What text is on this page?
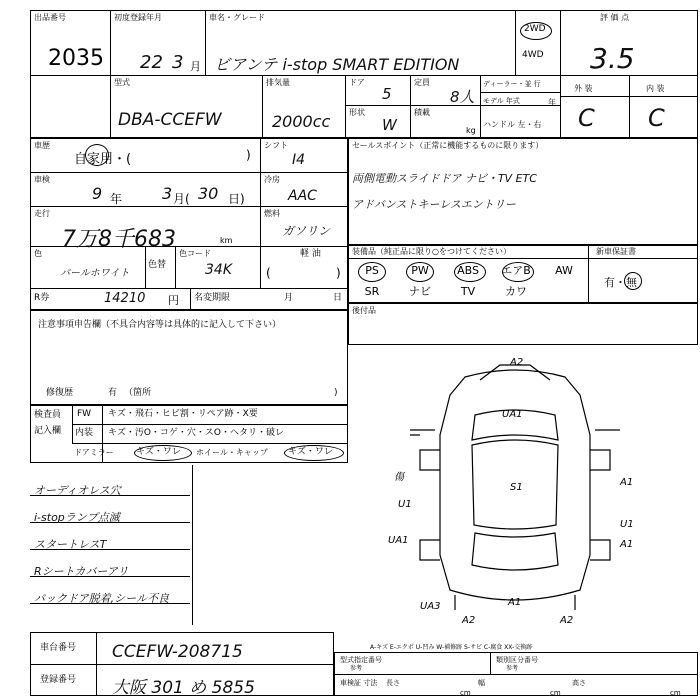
出品番号
2035
初度登録年月
22 3 月
車名・グレード
ビアンテ i-stop SMART EDITION
2WD
4WD
評 価 点
3.5
型式
DBA-CCEFW
排気量
2000cc
ドア
5
定員
8人
ディーラー・並 行
モデル 年式	年
形状
W
積載
kg
ハンドル 左・右
外 装	内 装
C C
車歴
自家用・(	)
シフト
I4
車検
9 年 3 月( 30 日)
冷房
AAC
走行
7万8千683	km
燃料
ガソリン
色
パールホワイト
色替
色コード
34K
軽 油
(	)
R券	14210 円 名変期限	月	日
セールスポイント（正常に機能するものに限ります）
両側電動スライドドア ナビ・TV ETC
アドバンストキーレスエントリー
装備品（純正品に限り○をつけてください）	新車保証書
有・無
PS	PW	ABS	エアB	AW
SR	ナビ	TV	カワ
後付品
注意事項申告欄（不具合内容等は具体的に記入して下さい）
修復歴	有 （箇所	)
検査員
記入欄
FW キズ・飛石・ヒビ割・リペア跡・X要
内装 キズ・汚O・コゲ・穴・スO・ヘタリ・破レ
ドアミラー キズ・ワレ ホイール・キャップ キズ・ワレ
オーディオレス穴
i-stopランプ点滅
スタートレスT
Rシートカバーアリ
バックドア脱着,シール不良
A2
UA1
S1	A1
U1
傷
U1
UA1	A1
A1
UA3
A2	A2
車台番号 CCEFW-208715
登録番号 大阪 301 め 5855
A-キズ E-エクボ U-凹み W-補修跡 S-サビ C-腐食 XX-交換跡
型式指定番号
参考
類別区分番号
参考
車検証 寸法 長さ	幅	高さ
cm	cm	cm
